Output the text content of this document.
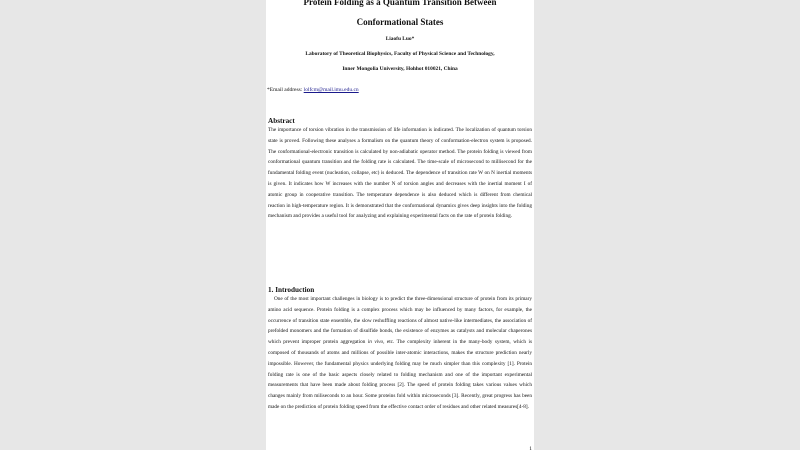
Protein Folding as a Quantum Transition Between
Conformational States
Liaofu Luo*
Laboratory of Theoretical Biophysics, Faculty of Physical Science and Technology,
Inner Mongolia University, Hohhot 010021, China
*Email address: lolfcm@mail.imu.edu.cn
Abstract
The importance of torsion vibration in the transmission of life information is indicated. The localization of quantum torsion state is proved. Following these analyses a formalism on the quantum theory of conformation-electron system is proposed. The conformational-electronic transition is calculated by non-adiabatic operator method. The protein folding is viewed from conformational quantum transition and the folding rate is calculated. The time-scale of microsecond to millisecond for the fundamental folding event (nucleation, collapse, etc) is deduced. The dependence of transition rate W on N inertial moments is given. It indicates how W increases with the number N of torsion angles and decreases with the inertial moment I of atomic group in cooperative transition. The temperature dependence is also deduced which is different from chemical reaction in high-temperature region. It is demonstrated that the conformational dynamics gives deep insights into the folding mechanism and provides a useful tool for analyzing and explaining experimental facts on the rate of protein folding.
1. Introduction
One of the most important challenges in biology is to predict the three-dimensional structure of protein from its primary amino acid sequence. Protein folding is a complex process which may be influenced by many factors, for example, the occurrence of transition state ensemble, the slow reshuffling reactions of almost native-like intermediates, the association of prefolded monomers and the formation of disulfide bonds, the existence of enzymes as catalysts and molecular chaperones which prevent improper protein aggregation in vivo, etc. The complexity inherent in the many-body system, which is composed of thousands of atoms and millions of possible inter-atomic interactions, makes the structure prediction nearly impossible. However, the fundamental physics underlying folding may be much simpler than this complexity [1]. Protein folding rate is one of the basic aspects closely related to folding mechanism and one of the important experimental measurements that have been made about folding process [2]. The speed of protein folding takes various values which changes mainly from miliseconds to an hour. Some proteins fold within microseconds [3]. Recently, great progress has been made on the prediction of protein folding speed from the effective contact order of residues and other related measures[4-8].
1
